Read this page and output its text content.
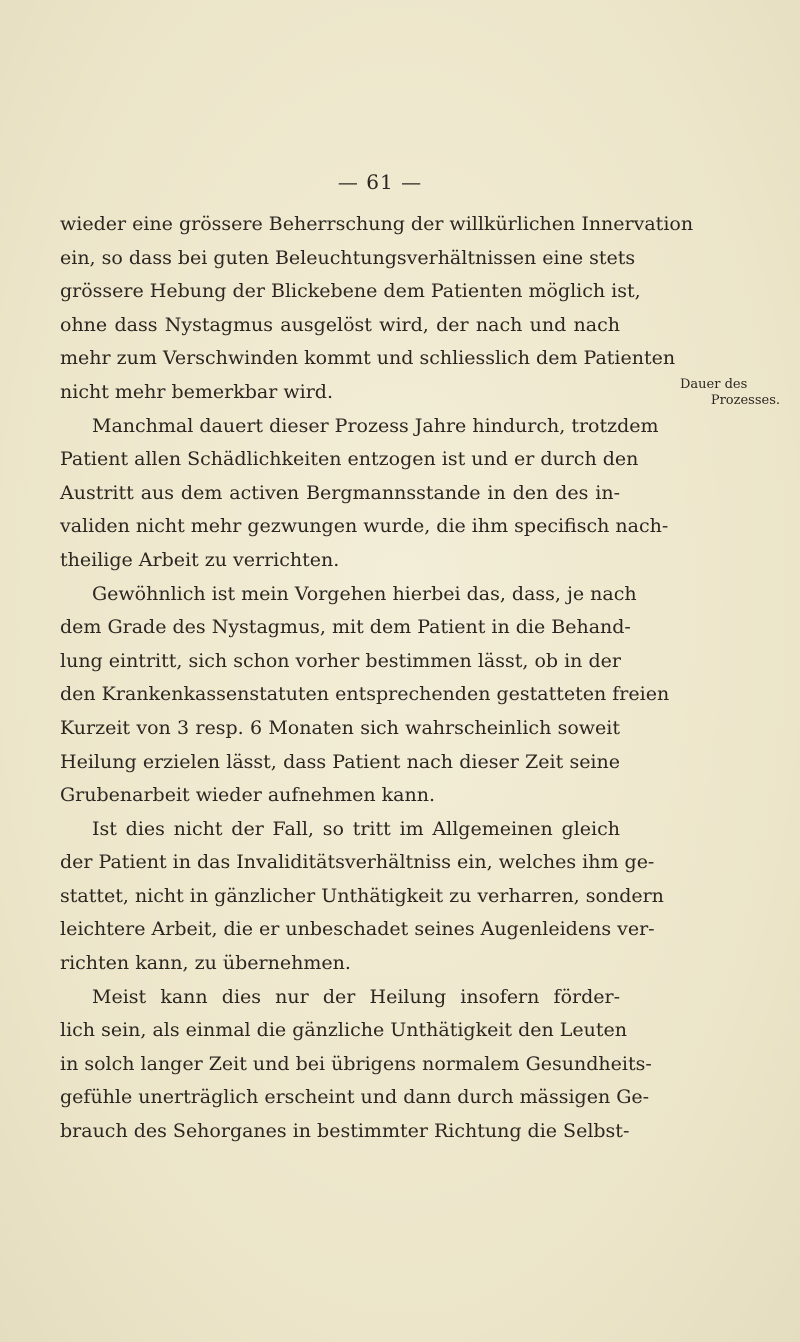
— 61 —
Dauer des
Prozesses.
wieder eine grössere Beherrschung der willkürlichen Innervation
ein, so dass bei guten Beleuchtungsverhältnissen eine stets
grössere Hebung der Blickebene dem Patienten möglich ist,
ohne dass Nystagmus ausgelöst wird, der nach und nach
mehr zum Verschwinden kommt und schliesslich dem Patienten
nicht mehr bemerkbar wird.
Manchmal dauert dieser Prozess Jahre hindurch, trotzdem
Patient allen Schädlichkeiten entzogen ist und er durch den
Austritt aus dem activen Bergmannsstande in den des in-
validen nicht mehr gezwungen wurde, die ihm specifisch nach-
theilige Arbeit zu verrichten.
Gewöhnlich ist mein Vorgehen hierbei das, dass, je nach
dem Grade des Nystagmus, mit dem Patient in die Behand-
lung eintritt, sich schon vorher bestimmen lässt, ob in der
den Krankenkassenstatuten entsprechenden gestatteten freien
Kurzeit von 3 resp. 6 Monaten sich wahrscheinlich soweit
Heilung erzielen lässt, dass Patient nach dieser Zeit seine
Grubenarbeit wieder aufnehmen kann.
Ist dies nicht der Fall, so tritt im Allgemeinen gleich
der Patient in das Invaliditätsverhältniss ein, welches ihm ge-
stattet, nicht in gänzlicher Unthätigkeit zu verharren, sondern
leichtere Arbeit, die er unbeschadet seines Augenleidens ver-
richten kann, zu übernehmen.
Meist kann dies nur der Heilung insofern förder-
lich sein, als einmal die gänzliche Unthätigkeit den Leuten
in solch langer Zeit und bei übrigens normalem Gesundheits-
gefühle unerträglich erscheint und dann durch mässigen Ge-
brauch des Sehorganes in bestimmter Richtung die Selbst-
